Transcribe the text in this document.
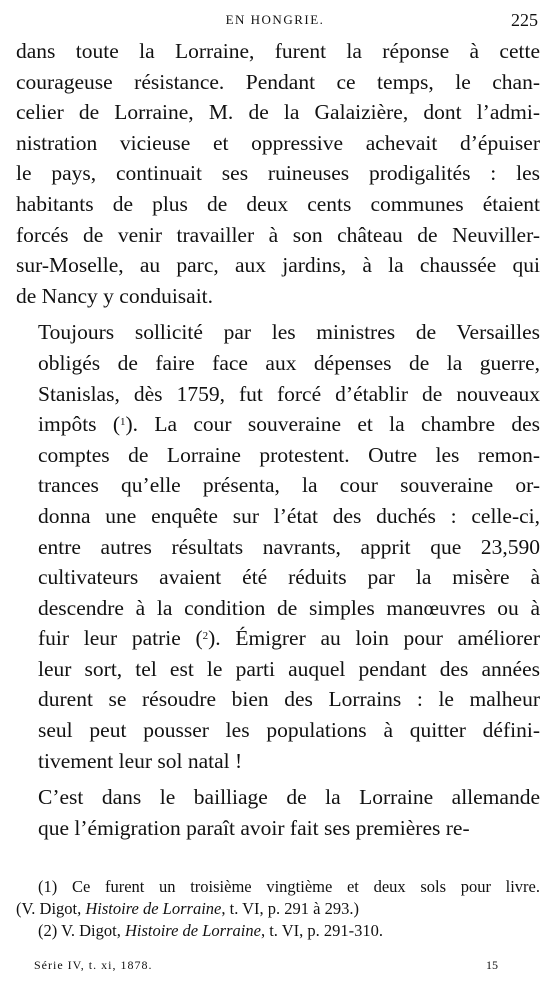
EN HONGRIE.	225

dans toute la Lorraine, furent la réponse à cette
courageuse résistance. Pendant ce temps, le chan-
celier de Lorraine, M. de la Galaizière, dont l’admi-
nistration vicieuse et oppressive achevait d’épuiser
le pays, continuait ses ruineuses prodigalités : les
habitants de plus de deux cents communes étaient
forcés de venir travailler à son château de Neuviller-
sur-Moselle, au parc, aux jardins, à la chaussée qui
de Nancy y conduisait.

Toujours sollicité par les ministres de Versailles
obligés de faire face aux dépenses de la guerre,
Stanislas, dès 1759, fut forcé d’établir de nouveaux
impôts ($^1$). La cour souveraine et la chambre des
comptes de Lorraine protestent. Outre les remon-
trances qu’elle présenta, la cour souveraine or-
donna une enquête sur l’état des duchés : celle-ci,
entre autres résultats navrants, apprit que 23,590
cultivateurs avaient été réduits par la misère à
descendre à la condition de simples manœuvres ou à
fuir leur patrie ($^2$). Émigrer au loin pour améliorer
leur sort, tel est le parti auquel pendant des années
durent se résoudre bien des Lorrains : le malheur
seul peut pousser les populations à quitter défini-
tivement leur sol natal !

C’est dans le bailliage de la Lorraine allemande
que l’émigration paraît avoir fait ses premières re-

(1) Ce furent un troisième vingtième et deux sols pour livre.
(V. Digot, Histoire de Lorraine, t. VI, p. 291 à 293.)
(2) V. Digot, Histoire de Lorraine, t. VI, p. 291-310.
Série IV, t. xi, 1878.	15
